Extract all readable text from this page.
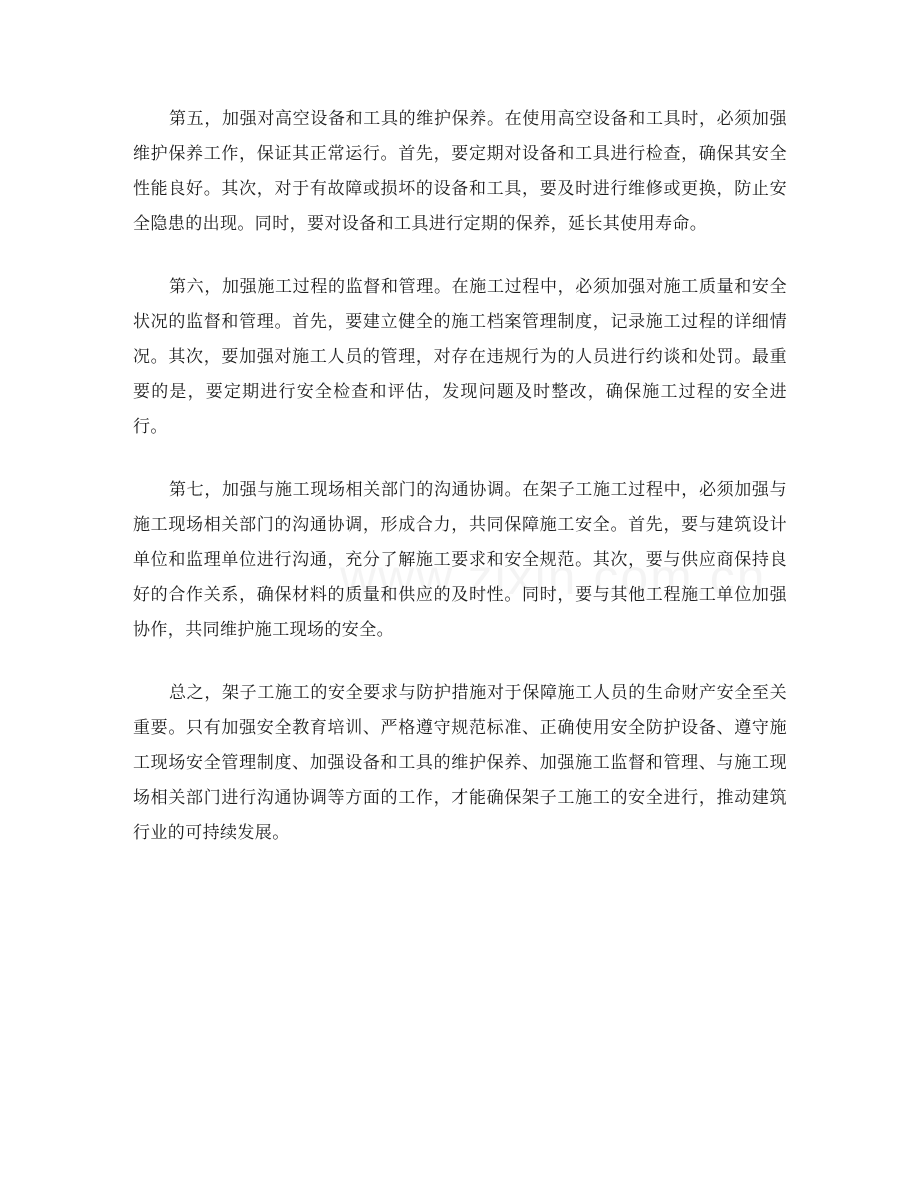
第五，加强对高空设备和工具的维护保养。在使用高空设备和工具时，必须加强维护保养工作，保证其正常运行。首先，要定期对设备和工具进行检查，确保其安全性能良好。其次，对于有故障或损坏的设备和工具，要及时进行维修或更换，防止安全隐患的出现。同时，要对设备和工具进行定期的保养，延长其使用寿命。

第六，加强施工过程的监督和管理。在施工过程中，必须加强对施工质量和安全状况的监督和管理。首先，要建立健全的施工档案管理制度，记录施工过程的详细情况。其次，要加强对施工人员的管理，对存在违规行为的人员进行约谈和处罚。最重要的是，要定期进行安全检查和评估，发现问题及时整改，确保施工过程的安全进行。

第七，加强与施工现场相关部门的沟通协调。在架子工施工过程中，必须加强与施工现场相关部门的沟通协调，形成合力，共同保障施工安全。首先，要与建筑设计单位和监理单位进行沟通，充分了解施工要求和安全规范。其次，要与供应商保持良好的合作关系，确保材料的质量和供应的及时性。同时，要与其他工程施工单位加强协作，共同维护施工现场的安全。

总之，架子工施工的安全要求与防护措施对于保障施工人员的生命财产安全至关重要。只有加强安全教育培训、严格遵守规范标准、正确使用安全防护设备、遵守施工现场安全管理制度、加强设备和工具的维护保养、加强施工监督和管理、与施工现场相关部门进行沟通协调等方面的工作，才能确保架子工施工的安全进行，推动建筑行业的可持续发展。
